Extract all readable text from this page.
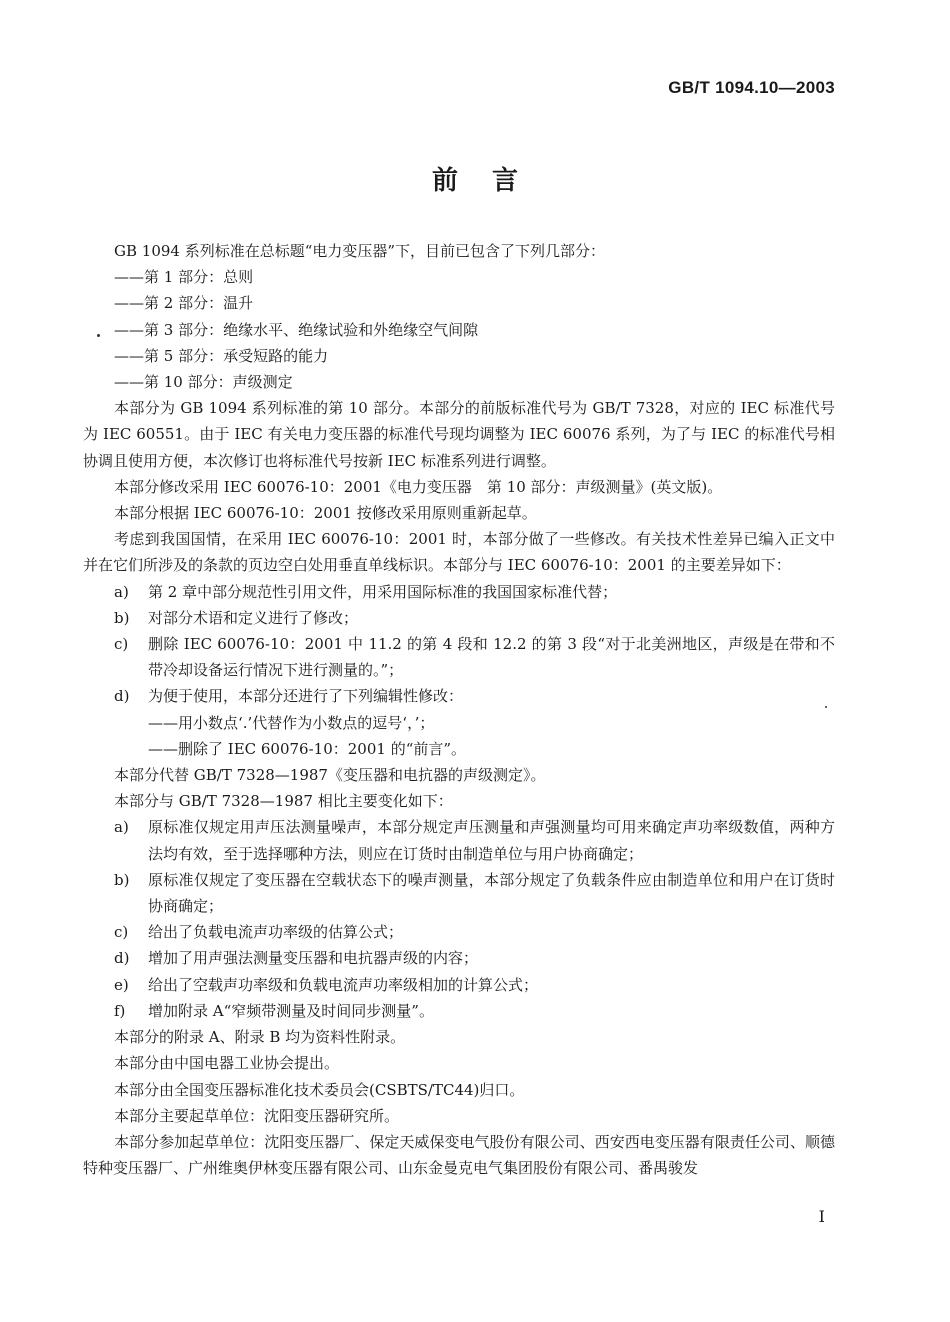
GB/T 1094.10—2003
前言
GB 1094 系列标准在总标题“电力变压器”下，目前已包含了下列几部分：
——第 1 部分：总则
——第 2 部分：温升
——第 3 部分：绝缘水平、绝缘试验和外绝缘空气间隙
——第 5 部分：承受短路的能力
——第 10 部分：声级测定
本部分为 GB 1094 系列标准的第 10 部分。本部分的前版标准代号为 GB/T 7328，对应的 IEC 标准代号为 IEC 60551。由于 IEC 有关电力变压器的标准代号现均调整为 IEC 60076 系列，为了与 IEC 的标准代号相协调且使用方便，本次修订也将标准代号按新 IEC 标准系列进行调整。
本部分修改采用 IEC 60076-10：2001《电力变压器　第 10 部分：声级测量》(英文版)。
本部分根据 IEC 60076-10：2001 按修改采用原则重新起草。
考虑到我国国情，在采用 IEC 60076-10：2001 时，本部分做了一些修改。有关技术性差异已编入正文中并在它们所涉及的条款的页边空白处用垂直单线标识。本部分与 IEC 60076-10：2001 的主要差异如下：
a) 第 2 章中部分规范性引用文件，用采用国际标准的我国国家标准代替；
b) 对部分术语和定义进行了修改；
c) 删除 IEC 60076-10：2001 中 11.2 的第 4 段和 12.2 的第 3 段“对于北美洲地区，声级是在带和不带冷却设备运行情况下进行测量的。”；
d) 为便于使用，本部分还进行了下列编辑性修改：
——用小数点‘.’代替作为小数点的逗号‘，’；
——删除了 IEC 60076-10：2001 的“前言”。
本部分代替 GB/T 7328—1987《变压器和电抗器的声级测定》。
本部分与 GB/T 7328—1987 相比主要变化如下：
a) 原标准仅规定用声压法测量噪声，本部分规定声压测量和声强测量均可用来确定声功率级数值，两种方法均有效，至于选择哪种方法，则应在订货时由制造单位与用户协商确定；
b) 原标准仅规定了变压器在空载状态下的噪声测量，本部分规定了负载条件应由制造单位和用户在订货时协商确定；
c) 给出了负载电流声功率级的估算公式；
d) 增加了用声强法测量变压器和电抗器声级的内容；
e) 给出了空载声功率级和负载电流声功率级相加的计算公式；
f) 增加附录 A“窄频带测量及时间同步测量”。
本部分的附录 A、附录 B 均为资料性附录。
本部分由中国电器工业协会提出。
本部分由全国变压器标准化技术委员会(CSBTS/TC44)归口。
本部分主要起草单位：沈阳变压器研究所。
本部分参加起草单位：沈阳变压器厂、保定天威保变电气股份有限公司、西安西电变压器有限责任公司、顺德特种变压器厂、广州维奥伊林变压器有限公司、山东金曼克电气集团股份有限公司、番禺骏发
I
